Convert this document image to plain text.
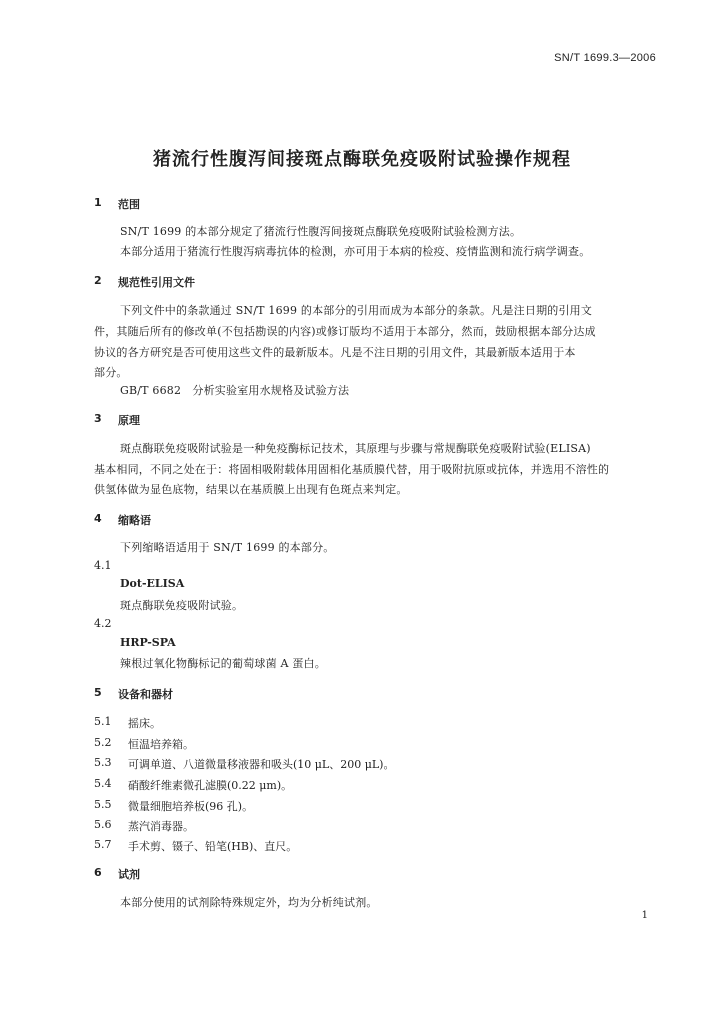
SN/T 1699.3—2006
猪流行性腹泻间接斑点酶联免疫吸附试验操作规程
1 范围
SN/T 1699 的本部分规定了猪流行性腹泻间接斑点酶联免疫吸附试验检测方法。
本部分适用于猪流行性腹泻病毒抗体的检测，亦可用于本病的检疫、疫情监测和流行病学调查。
2 规范性引用文件
下列文件中的条款通过 SN/T 1699 的本部分的引用而成为本部分的条款。凡是注日期的引用文
件，其随后所有的修改单(不包括勘误的内容)或修订版均不适用于本部分，然而，鼓励根据本部分达成
协议的各方研究是否可使用这些文件的最新版本。凡是不注日期的引用文件，其最新版本适用于本
部分。
GB/T 6682　分析实验室用水规格及试验方法
3 原理
斑点酶联免疫吸附试验是一种免疫酶标记技术，其原理与步骤与常规酶联免疫吸附试验(ELISA)
基本相同，不同之处在于：将固相吸附载体用固相化基质膜代替，用于吸附抗原或抗体，并选用不溶性的
供氢体做为显色底物，结果以在基质膜上出现有色斑点来判定。
4 缩略语
下列缩略语适用于 SN/T 1699 的本部分。
4.1
Dot-ELISA
斑点酶联免疫吸附试验。
4.2
HRP-SPA
辣根过氧化物酶标记的葡萄球菌 A 蛋白。
5 设备和器材
5.1 摇床。
5.2 恒温培养箱。
5.3 可调单道、八道微量移液器和吸头(10 μL、200 μL)。
5.4 硝酸纤维素微孔滤膜(0.22 μm)。
5.5 微量细胞培养板(96 孔)。
5.6 蒸汽消毒器。
5.7 手术剪、镊子、铅笔(HB)、直尺。
6 试剂
本部分使用的试剂除特殊规定外，均为分析纯试剂。
1
